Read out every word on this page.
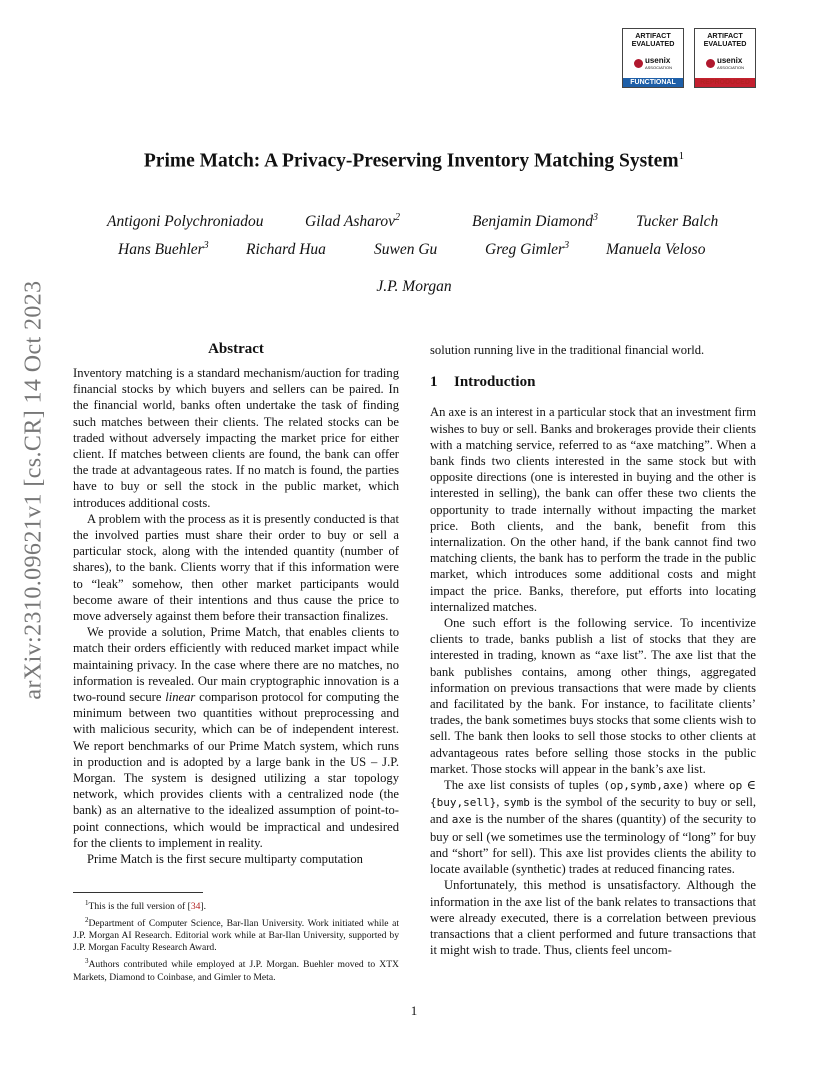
arXiv:2310.09621v1 [cs.CR] 14 Oct 2023
ARTIFACT
EVALUATED
usenix
ASSOCIATION
FUNCTIONAL
ARTIFACT
EVALUATED
usenix
ASSOCIATION
REPRODUCED
Prime Match: A Privacy-Preserving Inventory Matching System$^1$
Antigoni Polychroniadou	Gilad Asharov$^2$	Benjamin Diamond$^3$ Tucker Balch
Hans Buehler$^3$ Richard Hua	Suwen Gu	Greg Gimler$^3$ Manuela Veloso
J.P. Morgan
Abstract

Inventory matching is a standard mechanism/auction for trading financial stocks by which buyers and sellers can be paired. In the financial world, banks often undertake the task of finding such matches between their clients. The related stocks can be traded without adversely impacting the market price for either client. If matches between clients are found, the bank can offer the trade at advantageous rates. If no match is found, the parties have to buy or sell the stock in the public market, which introduces additional costs.

A problem with the process as it is presently conducted is that the involved parties must share their order to buy or sell a particular stock, along with the intended quantity (number of shares), to the bank. Clients worry that if this information were to “leak” somehow, then other market participants would become aware of their intentions and thus cause the price to move adversely against them before their transaction finalizes.

We provide a solution, Prime Match, that enables clients to match their orders efficiently with reduced market impact while maintaining privacy. In the case where there are no matches, no information is revealed. Our main cryptographic innovation is a two-round secure linear comparison protocol for computing the minimum between two quantities without preprocessing and with malicious security, which can be of independent interest. We report benchmarks of our Prime Match system, which runs in production and is adopted by a large bank in the US – J.P. Morgan. The system is designed utilizing a star topology network, which provides clients with a centralized node (the bank) as an alternative to the idealized assumption of point-to-point connections, which would be impractical and undesired for the clients to implement in reality.

Prime Match is the first secure multiparty computation

solution running live in the traditional financial world.

1 Introduction

An axe is an interest in a particular stock that an investment firm wishes to buy or sell. Banks and brokerages provide their clients with a matching service, referred to as “axe matching”. When a bank finds two clients interested in the same stock but with opposite directions (one is interested in buying and the other is interested in selling), the bank can offer these two clients the opportunity to trade internally without impacting the market price. Both clients, and the bank, benefit from this internalization. On the other hand, if the bank cannot find two matching clients, the bank has to perform the trade in the public market, which introduces some additional costs and might impact the price. Banks, therefore, put efforts into locating internalized matches.

One such effort is the following service. To incentivize clients to trade, banks publish a list of stocks that they are interested in trading, known as “axe list”. The axe list that the bank publishes contains, among other things, aggregated information on previous transactions that were made by clients and facilitated by the bank. For instance, to facilitate clients’ trades, the bank sometimes buys stocks that some clients wish to sell. The bank then looks to sell those stocks to other clients at advantageous rates before selling those stocks in the public market. Those stocks will appear in the bank’s axe list.

The axe list consists of tuples (op,symb,axe) where op ∈ {buy,sell}, symb is the symbol of the security to buy or sell, and axe is the number of the shares (quantity) of the security to buy or sell (we sometimes use the terminology of “long” for buy and “short” for sell). This axe list provides clients the ability to locate available (synthetic) trades at reduced financing rates.

Unfortunately, this method is unsatisfactory. Although the information in the axe list of the bank relates to transactions that were already executed, there is a correlation between previous transactions that a client performed and future transactions that it might wish to trade. Thus, clients feel uncom-

$^1$This is the full version of [34].

$^2$Department of Computer Science, Bar-Ilan University. Work initiated while at J.P. Morgan AI Research. Editorial work while at Bar-Ilan University, supported by J.P. Morgan Faculty Research Award.

$^3$Authors contributed while employed at J.P. Morgan. Buehler moved to XTX Markets, Diamond to Coinbase, and Gimler to Meta.

1
